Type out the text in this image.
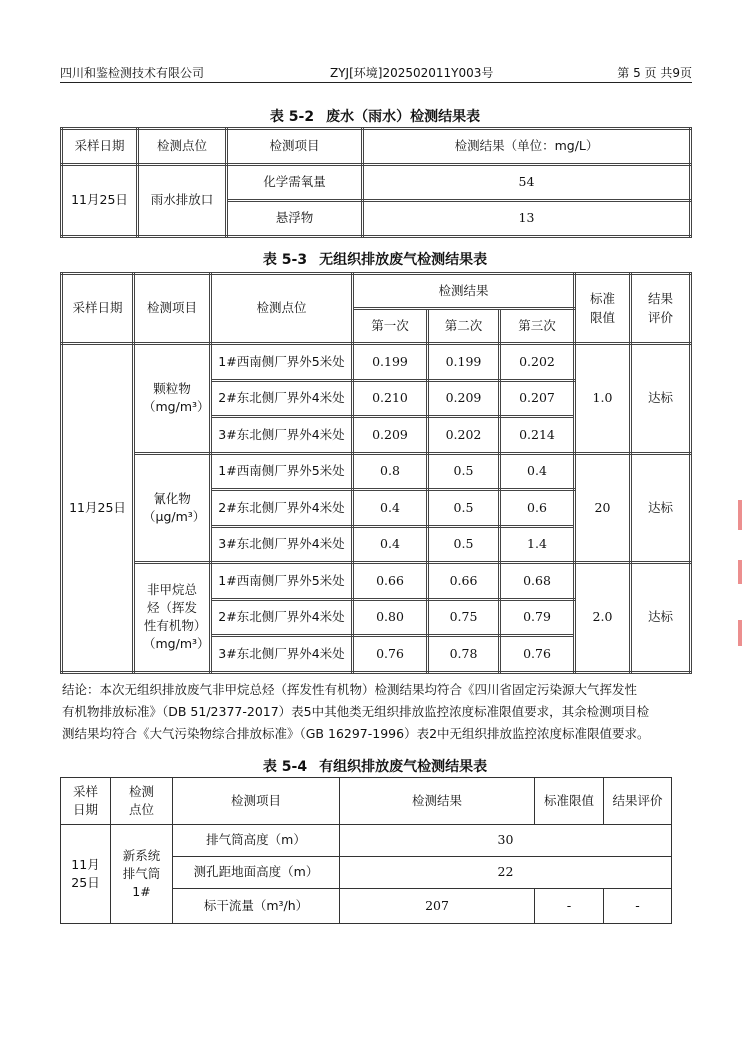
四川和鉴检测技术有限公司	ZYJ[环境]202502011Y003号	第 5 页 共9页
表 5-2 废水（雨水）检测结果表
采样日期	检测点位	检测项目	检测结果（单位：mg/L）
11月25日	雨水排放口	化学需氧量	54
		悬浮物	13
表 5-3 无组织排放废气检测结果表
采样日期	检测项目	检测点位	检测结果			标准限值	结果评价
			第一次	第二次	第三次		
11月25日	颗粒物（mg/m³）	1#西南侧厂界外5米处	0.199	0.199	0.202	1.0	达标
		2#东北侧厂界外4米处	0.210	0.209	0.207		
		3#东北侧厂界外4米处	0.209	0.202	0.214		
	氰化物（μg/m³）	1#西南侧厂界外5米处	0.8	0.5	0.4	20	达标
		2#东北侧厂界外4米处	0.4	0.5	0.6		
		3#东北侧厂界外4米处	0.4	0.5	1.4		
	非甲烷总烃（挥发性有机物）（mg/m³）	1#西南侧厂界外5米处	0.66	0.66	0.68	2.0	达标
		2#东北侧厂界外4米处	0.80	0.75	0.79		
		3#东北侧厂界外4米处	0.76	0.78	0.76		
结论：本次无组织排放废气非甲烷总烃（挥发性有机物）检测结果均符合《四川省固定污染源大气挥发性
有机物排放标准》（DB 51/2377-2017）表5中其他类无组织排放监控浓度标准限值要求，其余检测项目检
测结果均符合《大气污染物综合排放标准》（GB 16297-1996）表2中无组织排放监控浓度标准限值要求。
表 5-4 有组织排放废气检测结果表
采样日期	检测点位	检测项目	检测结果	标准限值	结果评价
11月25日	新系统排气筒1#	排气筒高度（m）	30		
		测孔距地面高度（m）	22		
		标干流量（m³/h）	207	-	-
